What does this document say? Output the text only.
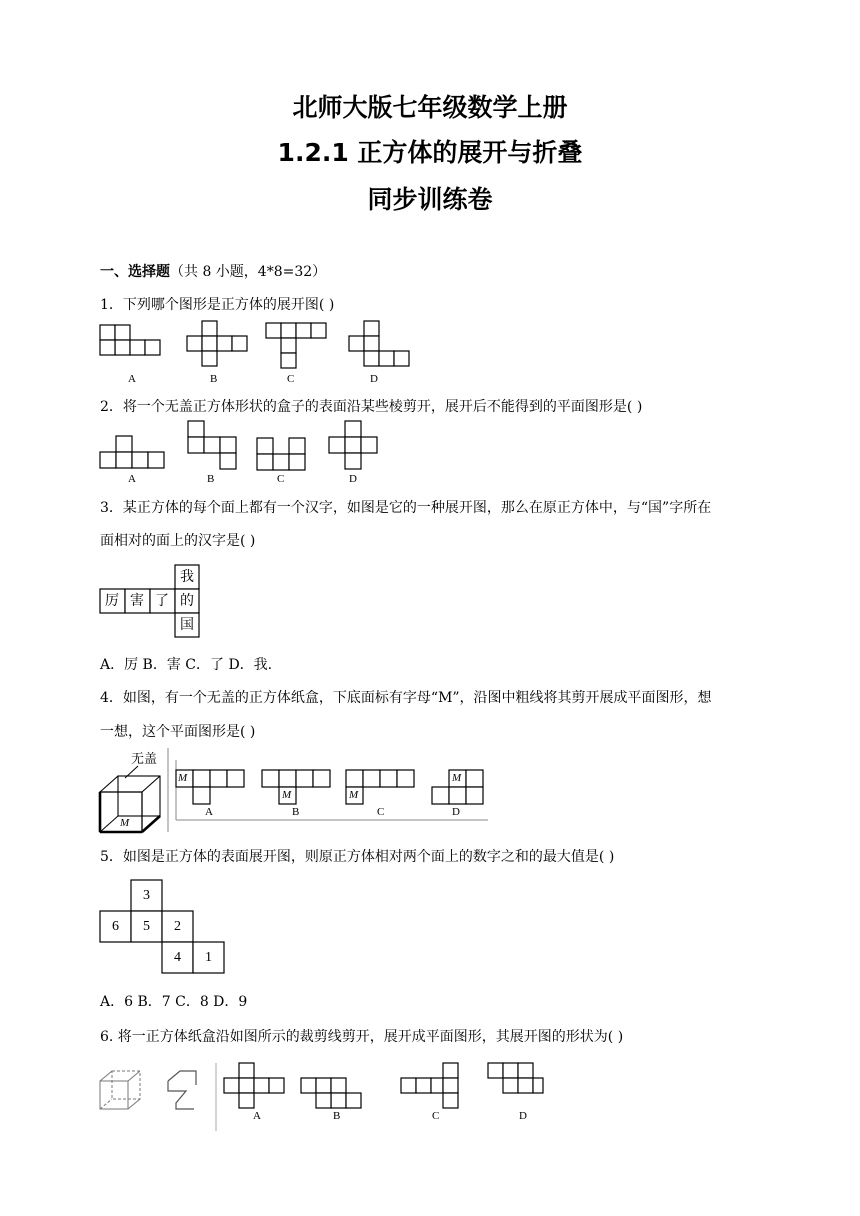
北师大版七年级数学上册
1.2.1 正方体的展开与折叠
同步训练卷
一、选择题（共 8 小题，4*8=32）
1．下列哪个图形是正方体的展开图( )
A	B	C	D
2．将一个无盖正方体形状的盒子的表面沿某些棱剪开，展开后不能得到的平面图形是( )
A	B	C	D
3．某正方体的每个面上都有一个汉字，如图是它的一种展开图，那么在原正方体中，与“国”字所在
面相对的面上的汉字是( )
厉 害 了
我
的
国
A．厉 B．害 C．了 D．我.
4．如图，有一个无盖的正方体纸盒，下底面标有字母“M”，沿图中粗线将其剪开展成平面图形，想
一想，这个平面图形是( )
无盖
M
M
M	M
M
A	B	C	D
5．如图是正方体的表面展开图，则原正方体相对两个面上的数字之和的最大值是( )
3
6	5	2
4	1
A．6 B．7 C．8 D．9
6. 将一正方体纸盒沿如图所示的裁剪线剪开，展开成平面图形，其展开图的形状为( )
A	B	C	D
